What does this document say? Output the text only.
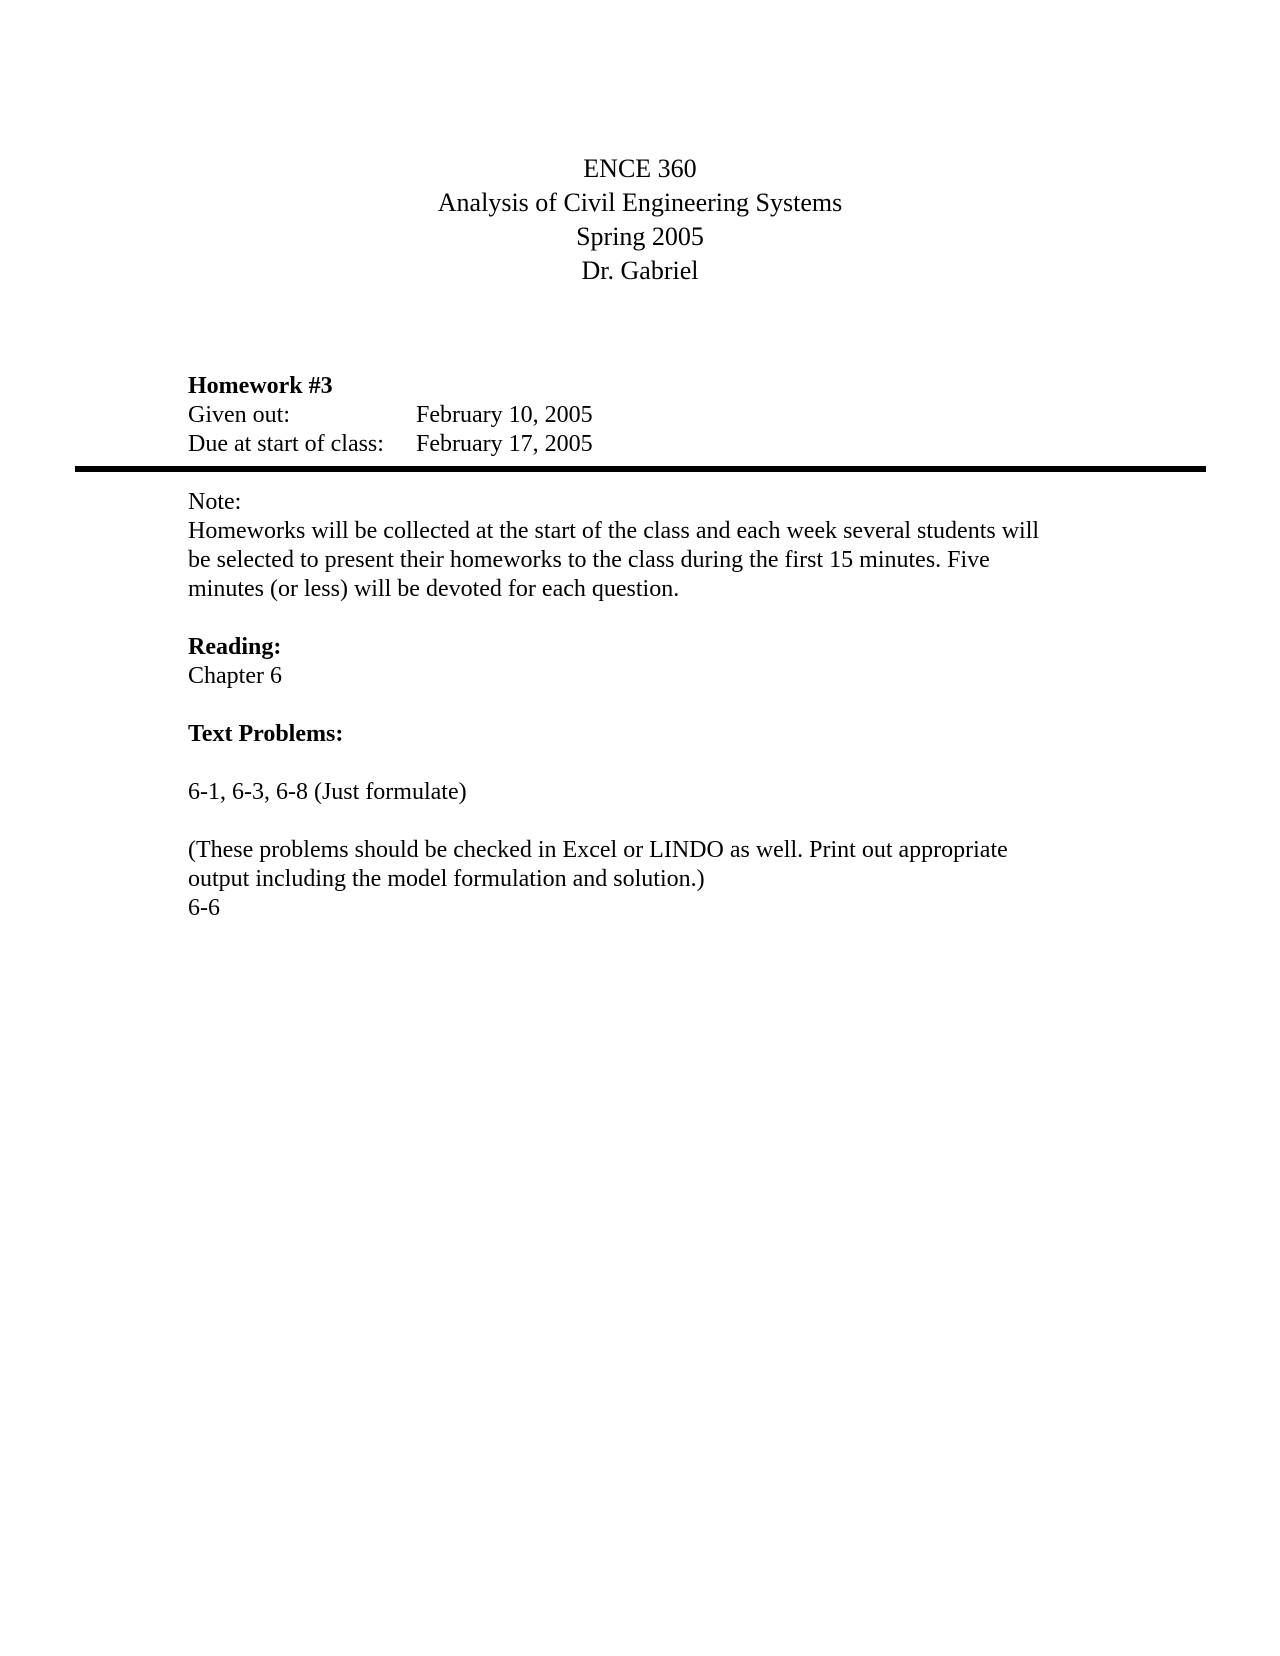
ENCE 360
Analysis of Civil Engineering Systems
Spring 2005
Dr. Gabriel
Homework #3
Given out:	February 10, 2005
Due at start of class:	February 17, 2005
Note:
Homeworks will be collected at the start of the class and each week several students will
be selected to present their homeworks to the class during the first 15 minutes. Five
minutes (or less) will be devoted for each question.
Reading:
Chapter 6
Text Problems:
6-1, 6-3, 6-8 (Just formulate)
(These problems should be checked in Excel or LINDO as well. Print out appropriate
output including the model formulation and solution.)
6-6
